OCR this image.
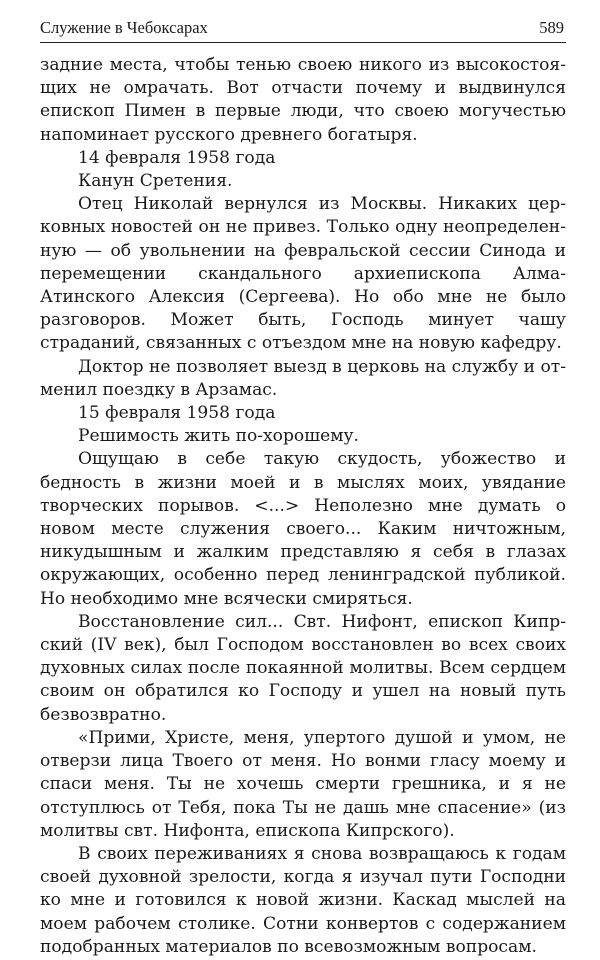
Служение в Чебоксарах	589

задние места, чтобы тенью своею никого из высокостоящих не омрачать. Вот отчасти почему и выдвинулся епископ Пимен в первые люди, что своею могучестью напоминает русского древнего богатыря.

14 февраля 1958 года

Канун Сретения.

Отец Николай вернулся из Москвы. Никаких церковных новостей он не привез. Только одну неопределенную — об увольнении на февральской сессии Синода и перемещении скандального архиепископа Алма-Атинского Алексия (Сергеева). Но обо мне не было разговоров. Может быть, Господь минует чашу страданий, связанных с отъездом мне на новую кафедру.

Доктор не позволяет выезд в церковь на службу и отменил поездку в Арзамас.

15 февраля 1958 года

Решимость жить по-хорошему.

Ощущаю в себе такую скудость, убожество и бедность в жизни моей и в мыслях моих, увядание творческих порывов. <...> Неполезно мне думать о новом месте служения своего... Каким ничтожным, никудышным и жалким представляю я себя в глазах окружающих, особенно перед ленинградской публикой. Но необходимо мне всячески смиряться.

Восстановление сил... Свт. Нифонт, епископ Кипрский (IV век), был Господом восстановлен во всех своих духовных силах после покаянной молитвы. Всем сердцем своим он обратился ко Господу и ушел на новый путь безвозвратно.

«Прими, Христе, меня, упертого душой и умом, не отверзи лица Твоего от меня. Но вонми гласу моему и спаси меня. Ты не хочешь смерти грешника, и я не отступлюсь от Тебя, пока Ты не дашь мне спасение» (из молитвы свт. Нифонта, епископа Кипрского).

В своих переживаниях я снова возвращаюсь к годам своей духовной зрелости, когда я изучал пути Господни ко мне и готовился к новой жизни. Каскад мыслей на моем рабочем столике. Сотни конвертов с содержанием подобранных материалов по всевозможным вопросам.
